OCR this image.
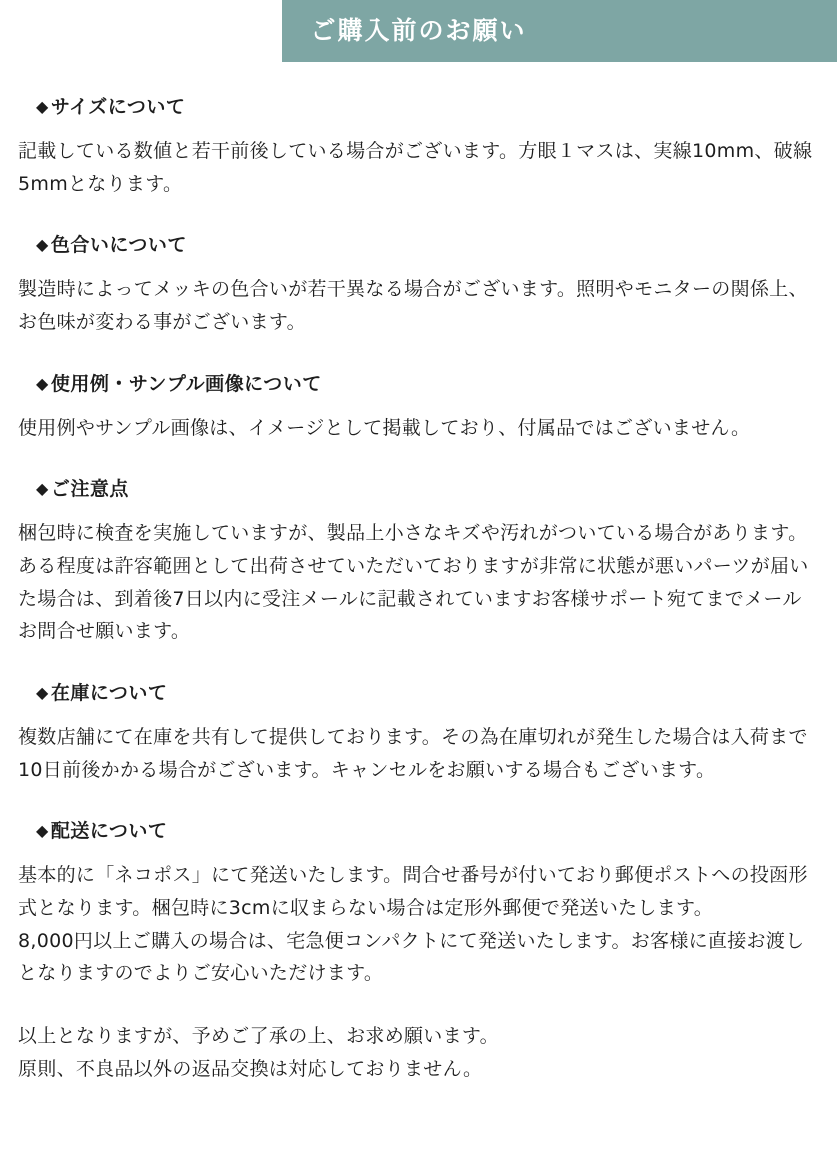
ご購入前のお願い
◆ サイズについて

記載している数値と若干前後している場合がございます。方眼１マスは、実線10mm、破線5mmとなります。

◆ 色合いについて

製造時によってメッキの色合いが若干異なる場合がございます。照明やモニターの関係上、お色味が変わる事がございます。

◆ 使用例・サンプル画像について

使用例やサンプル画像は、イメージとして掲載しており、付属品ではございません。

◆ ご注意点

梱包時に検査を実施していますが、製品上小さなキズや汚れがついている場合があります。ある程度は許容範囲として出荷させていただいておりますが非常に状態が悪いパーツが届いた場合は、到着後7日以内に受注メールに記載されていますお客様サポート宛てまでメールお問合せ願います。

◆ 在庫について

複数店舗にて在庫を共有して提供しております。その為在庫切れが発生した場合は入荷まで10日前後かかる場合がございます。キャンセルをお願いする場合もございます。

◆ 配送について

基本的に「ネコポス」にて発送いたします。問合せ番号が付いており郵便ポストへの投函形式となります。梱包時に3cmに収まらない場合は定形外郵便で発送いたします。

8,000円以上ご購入の場合は、宅急便コンパクトにて発送いたします。お客様に直接お渡しとなりますのでよりご安心いただけます。

以上となりますが、予めご了承の上、お求め願います。

原則、不良品以外の返品交換は対応しておりません。
